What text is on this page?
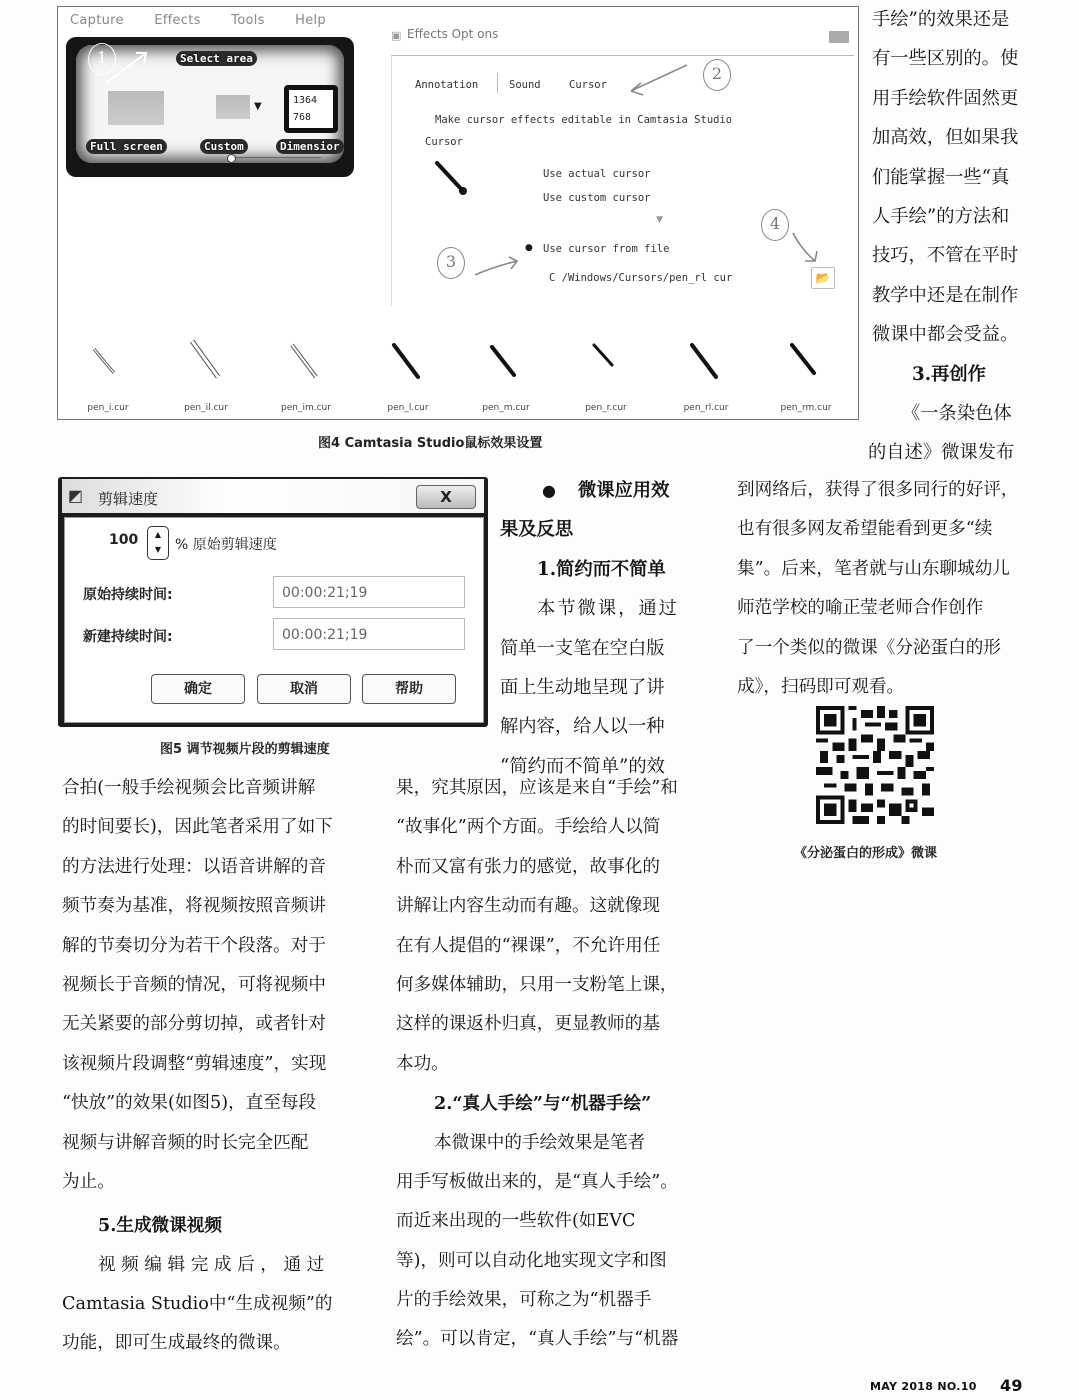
Capture Effects Tools Help
Select area
▼
1364
768
Full screen	Custom	Dimensior
1
▣ Effects Opt ons
Annotation	Sound	Cursor
2
Make cursor effects editable in Camtasia Studio
Cursor
Use actual cursor
Use custom cursor
▼
● Use cursor from file
C /Windows/Cursors/pen_rl cur	📂
3
4
pen_i.cur	pen_il.cur	pen_im.cur	pen_l.cur	pen_m.cur	pen_r.cur	pen_rl.cur	pen_rm.cur
图4 Camtasia Studio鼠标效果设置
手绘”的效果还是
有一些区别的。使
用手绘软件固然更
加高效，但如果我
们能掌握一些“真
人手绘”的方法和
技巧，不管在平时
教学中还是在制作
微课中都会受益。
3.再创作
《一条染色体
的自述》微课发布
◩ 剪辑速度	X
100	▲
▼ % 原始剪辑速度
原始持续时间:	00:00:21;19
新建持续时间:	00:00:21;19
确定	取消	帮助
图5 调节视频片段的剪辑速度
● 微课应用效
果及反思
1.简约而不简单
本节微课，通过
简单一支笔在空白版
面上生动地呈现了讲
解内容，给人以一种
“简约而不简单”的效
到网络后，获得了很多同行的好评，
也有很多网友希望能看到更多“续
集”。后来，笔者就与山东聊城幼儿
师范学校的喻正莹老师合作创作
了一个类似的微课《分泌蛋白的形
成》，扫码即可观看。
《分泌蛋白的形成》微课
合拍(一般手绘视频会比音频讲解
的时间要长)，因此笔者采用了如下
的方法进行处理：以语音讲解的音
频节奏为基准，将视频按照音频讲
解的节奏切分为若干个段落。对于
视频长于音频的情况，可将视频中
无关紧要的部分剪切掉，或者针对
该视频片段调整“剪辑速度”，实现
“快放”的效果(如图5)，直至每段
视频与讲解音频的时长完全匹配
为止。
5.生成微课视频
视 频 编 辑 完 成 后 ， 通 过
Camtasia Studio中“生成视频”的
功能，即可生成最终的微课。
果，究其原因，应该是来自“手绘”和
“故事化”两个方面。手绘给人以简
朴而又富有张力的感觉，故事化的
讲解让内容生动而有趣。这就像现
在有人提倡的“裸课”，不允许用任
何多媒体辅助，只用一支粉笔上课，
这样的课返朴归真，更显教师的基
本功。
2.“真人手绘”与“机器手绘”
本微课中的手绘效果是笔者
用手写板做出来的，是“真人手绘”。
而近来出现的一些软件(如EVC
等)，则可以自动化地实现文字和图
片的手绘效果，可称之为“机器手
绘”。可以肯定，“真人手绘”与“机器
MAY 2018 NO.10 49
